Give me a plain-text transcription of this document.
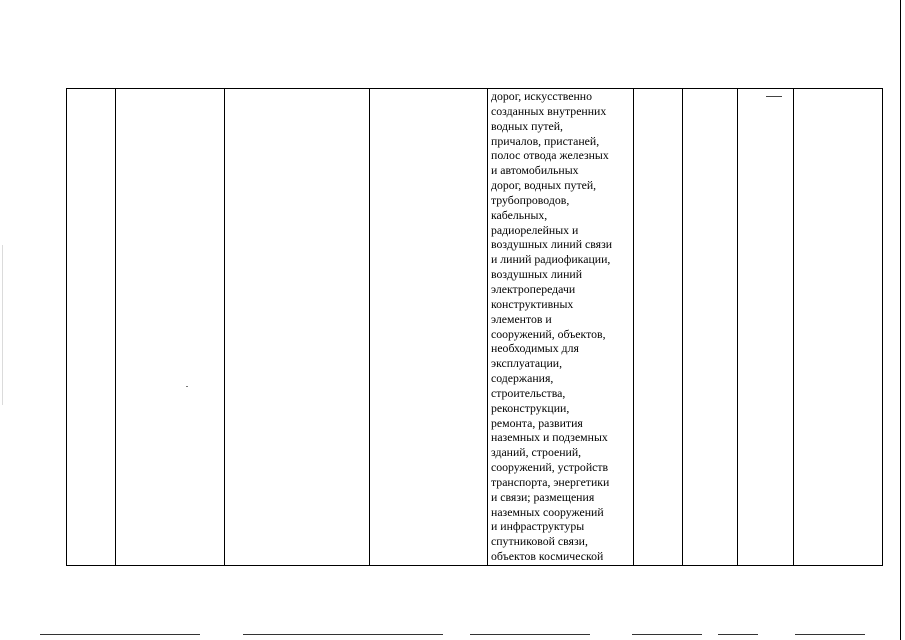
дорог, искусственно
созданных внутренних
водных путей,
причалов, пристаней,
полос отвода железных
и автомобильных
дорог, водных путей,
трубопроводов,
кабельных,
радиорелейных и
воздушных линий связи
и линий радиофикации,
воздушных линий
электропередачи
конструктивных
элементов и
сооружений, объектов,
необходимых для
эксплуатации,
содержания,
строительства,
реконструкции,
ремонта, развития
наземных и подземных
зданий, строений,
сооружений, устройств
транспорта, энергетики
и связи; размещения
наземных сооружений
и инфраструктуры
спутниковой связи,
объектов космической
